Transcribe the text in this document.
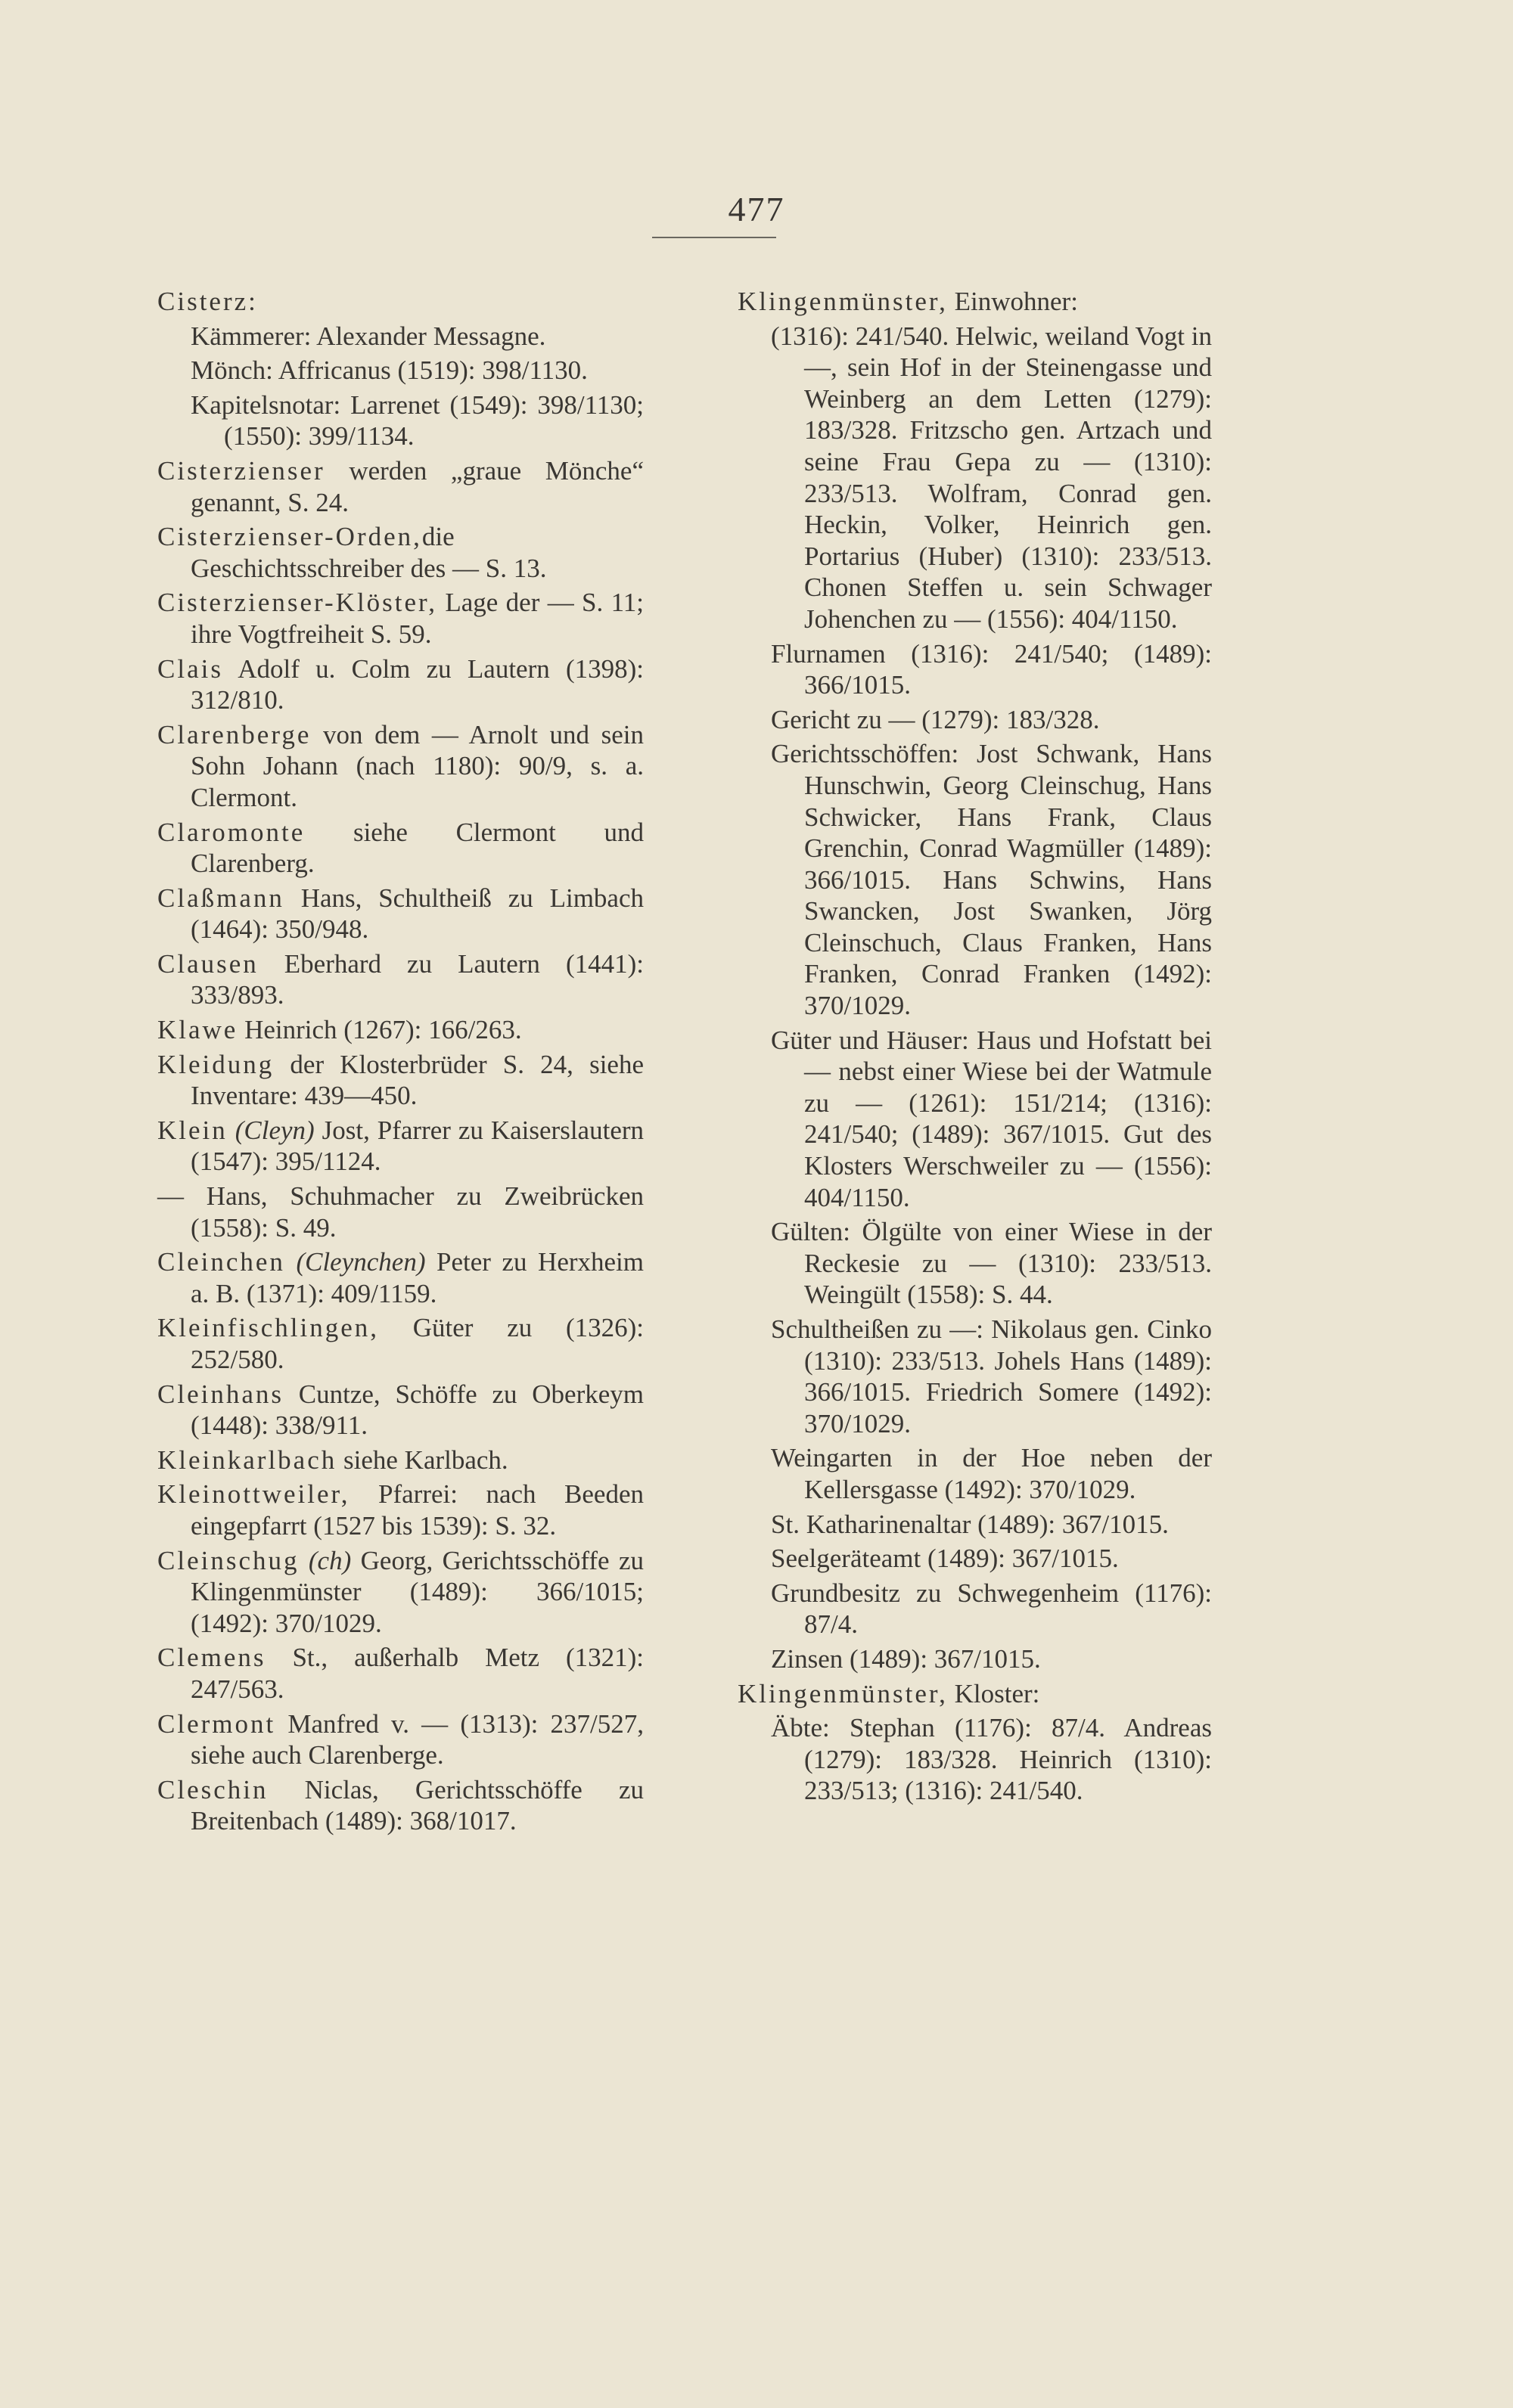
477
Cisterz:
Kämmerer: Alexander Messagne.
Mönch: Affricanus (1519): 398/1130.
Kapitelsnotar: Larrenet (1549): 398/1130; (1550): 399/1134.
Cisterzienser werden „graue Mönche“ genannt, S. 24.
Cisterzienser-Orden,die Geschichtsschreiber des — S. 13.
Cisterzienser-Klöster, Lage der — S. 11; ihre Vogtfreiheit S. 59.
Clais Adolf u. Colm zu Lautern (1398): 312/810.
Clarenberge von dem — Arnolt und sein Sohn Johann (nach 1180): 90/9, s. a. Clermont.
Claromonte siehe Clermont und Clarenberg.
Claßmann Hans, Schultheiß zu Limbach (1464): 350/948.
Clausen Eberhard zu Lautern (1441): 333/893.
Klawe Heinrich (1267): 166/263.
Kleidung der Klosterbrüder S. 24, siehe Inventare: 439—450.
Klein (Cleyn) Jost, Pfarrer zu Kaiserslautern (1547): 395/1124.
— Hans, Schuhmacher zu Zweibrücken (1558): S. 49.
Cleinchen (Cleynchen) Peter zu Herxheim a. B. (1371): 409/1159.
Kleinfischlingen, Güter zu (1326): 252/580.
Cleinhans Cuntze, Schöffe zu Oberkeym (1448): 338/911.
Kleinkarlbach siehe Karlbach.
Kleinottweiler, Pfarrei: nach Beeden eingepfarrt (1527 bis 1539): S. 32.
Cleinschug (ch) Georg, Gerichtsschöffe zu Klingenmünster (1489): 366/1015; (1492): 370/1029.
Clemens St., außerhalb Metz (1321): 247/563.
Clermont Manfred v. — (1313): 237/527, siehe auch Clarenberge.
Cleschin Niclas, Gerichtsschöffe zu Breitenbach (1489): 368/1017.
Klingenmünster, Einwohner:
(1316): 241/540. Helwic, weiland Vogt in —, sein Hof in der Steinengasse und Weinberg an dem Letten (1279): 183/328. Fritzscho gen. Artzach und seine Frau Gepa zu — (1310): 233/513. Wolfram, Conrad gen. Heckin, Volker, Heinrich gen. Portarius (Huber) (1310): 233/513. Chonen Steffen u. sein Schwager Johenchen zu — (1556): 404/1150.
Flurnamen (1316): 241/540; (1489): 366/1015.
Gericht zu — (1279): 183/328.
Gerichtsschöffen: Jost Schwank, Hans Hunschwin, Georg Cleinschug, Hans Schwicker, Hans Frank, Claus Grenchin, Conrad Wagmüller (1489): 366/1015. Hans Schwins, Hans Swancken, Jost Swanken, Jörg Cleinschuch, Claus Franken, Hans Franken, Conrad Franken (1492): 370/1029.
Güter und Häuser: Haus und Hofstatt bei — nebst einer Wiese bei der Watmule zu — (1261): 151/214; (1316): 241/540; (1489): 367/1015. Gut des Klosters Werschweiler zu — (1556): 404/1150.
Gülten: Ölgülte von einer Wiese in der Reckesie zu — (1310): 233/513. Weingült (1558): S. 44.
Schultheißen zu —: Nikolaus gen. Cinko (1310): 233/513. Johels Hans (1489): 366/1015. Friedrich Somere (1492): 370/1029.
Weingarten in der Hoe neben der Kellersgasse (1492): 370/1029.
St. Katharinenaltar (1489): 367/1015.
Seelgeräteamt (1489): 367/1015.
Grundbesitz zu Schwegenheim (1176): 87/4.
Zinsen (1489): 367/1015.
Klingenmünster, Kloster:
Äbte: Stephan (1176): 87/4. Andreas (1279): 183/328. Heinrich (1310): 233/513; (1316): 241/540.
